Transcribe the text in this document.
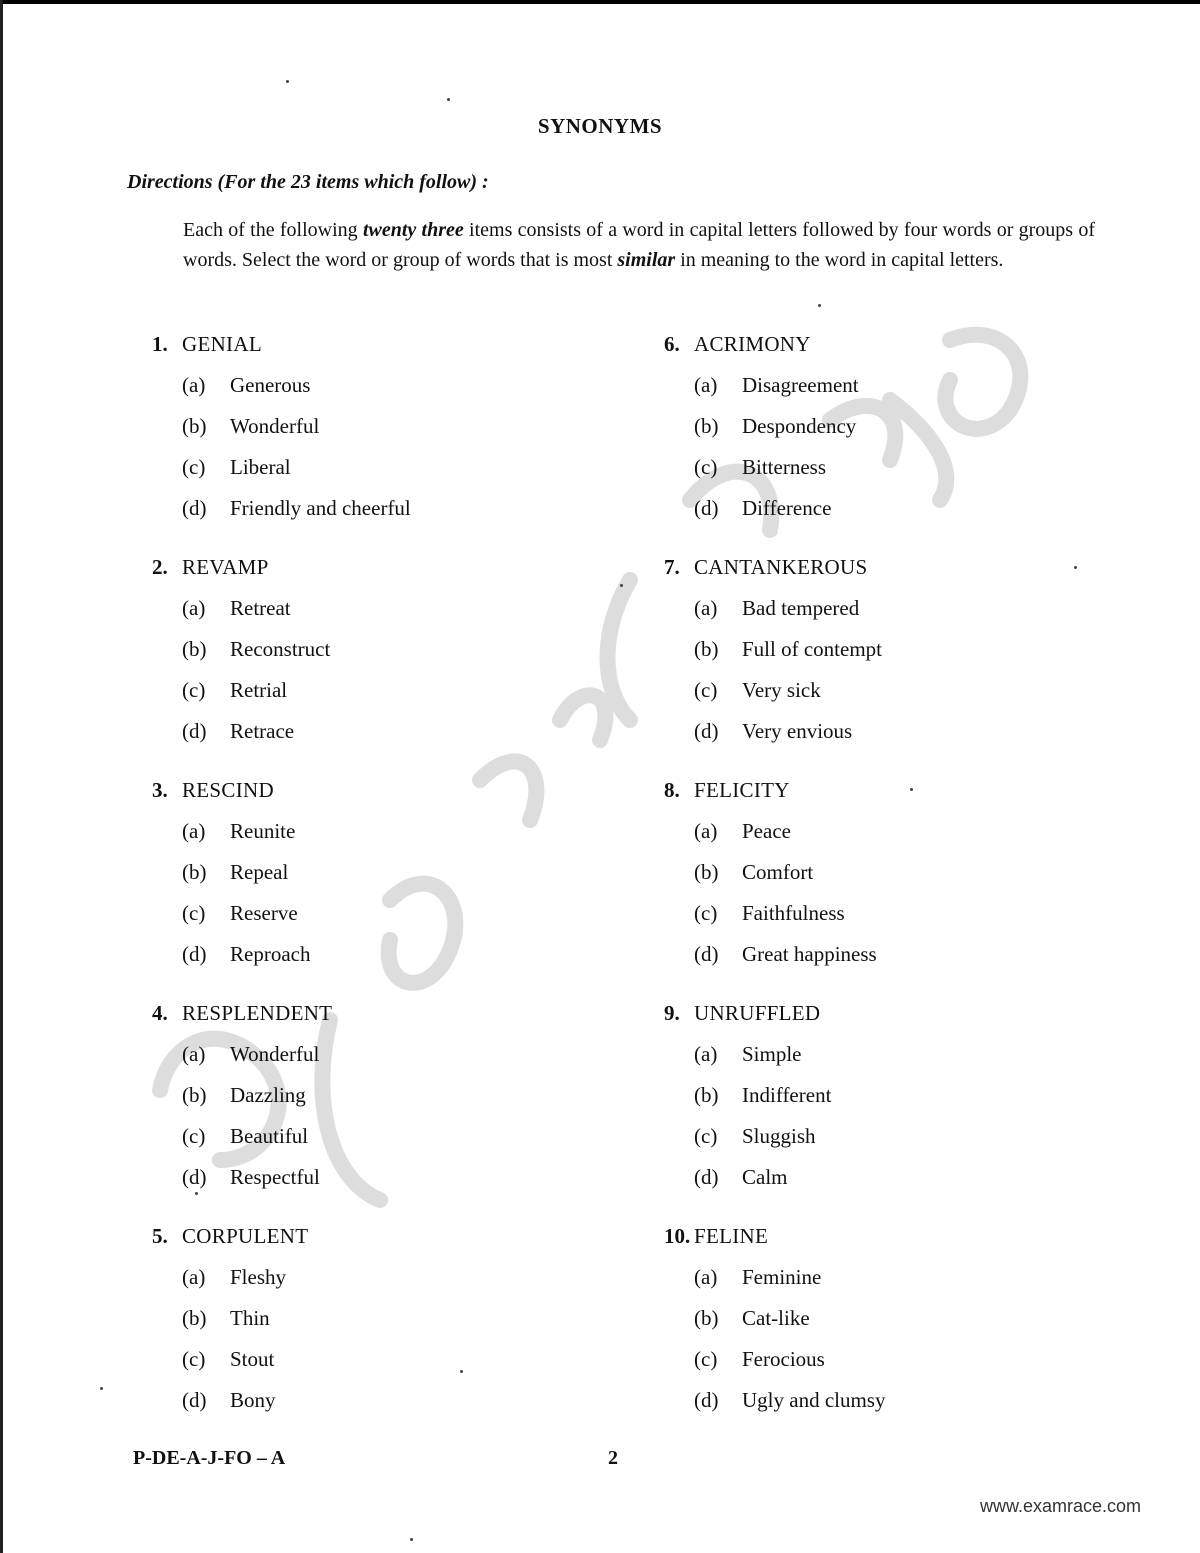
SYNONYMS
Directions (For the 23 items which follow) :
Each of the following twenty three items consists of a word in capital letters followed by four words or groups of words. Select the word or group of words that is most similar in meaning to the word in capital letters.
1. GENIAL
(a) Generous
(b) Wonderful
(c) Liberal
(d) Friendly and cheerful
2. REVAMP
(a) Retreat
(b) Reconstruct
(c) Retrial
(d) Retrace
3. RESCIND
(a) Reunite
(b) Repeal
(c) Reserve
(d) Reproach
4. RESPLENDENT
(a) Wonderful
(b) Dazzling
(c) Beautiful
(d) Respectful
5. CORPULENT
(a) Fleshy
(b) Thin
(c) Stout
(d) Bony
6. ACRIMONY
(a) Disagreement
(b) Despondency
(c) Bitterness
(d) Difference
7. CANTANKEROUS
(a) Bad tempered
(b) Full of contempt
(c) Very sick
(d) Very envious
8. FELICITY
(a) Peace
(b) Comfort
(c) Faithfulness
(d) Great happiness
9. UNRUFFLED
(a) Simple
(b) Indifferent
(c) Sluggish
(d) Calm
10. FELINE
(a) Feminine
(b) Cat-like
(c) Ferocious
(d) Ugly and clumsy
P-DE-A-J-FO – A	2
www.examrace.com
